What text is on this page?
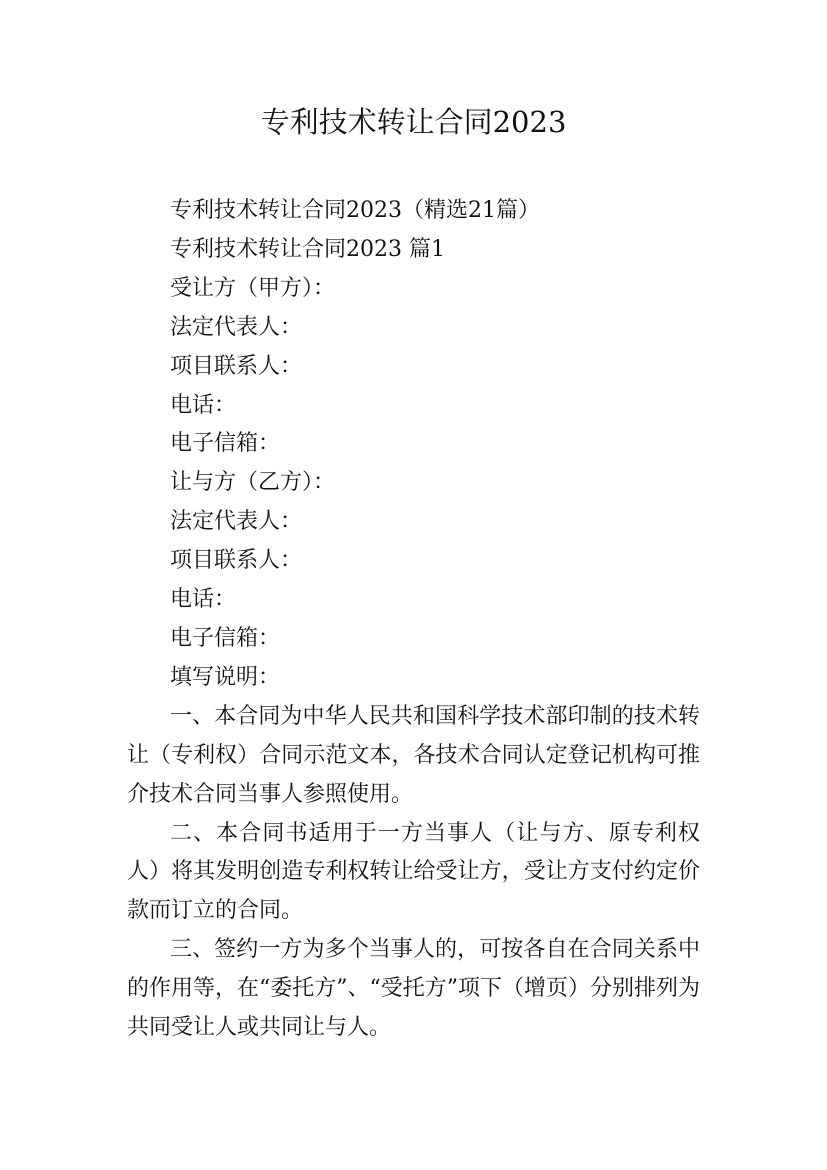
专利技术转让合同2023

专利技术转让合同2023（精选21篇）

专利技术转让合同2023 篇1

受让方（甲方）：

法定代表人：

项目联系人：

电话：

电子信箱：

让与方（乙方）：

法定代表人：

项目联系人：

电话：

电子信箱：

填写说明：

一、本合同为中华人民共和国科学技术部印制的技术转让（专利权）合同示范文本，各技术合同认定登记机构可推介技术合同当事人参照使用。

二、本合同书适用于一方当事人（让与方、原专利权人）将其发明创造专利权转让给受让方，受让方支付约定价款而订立的合同。

三、签约一方为多个当事人的，可按各自在合同关系中的作用等，在“委托方”、“受托方”项下（增页）分别排列为共同受让人或共同让与人。
